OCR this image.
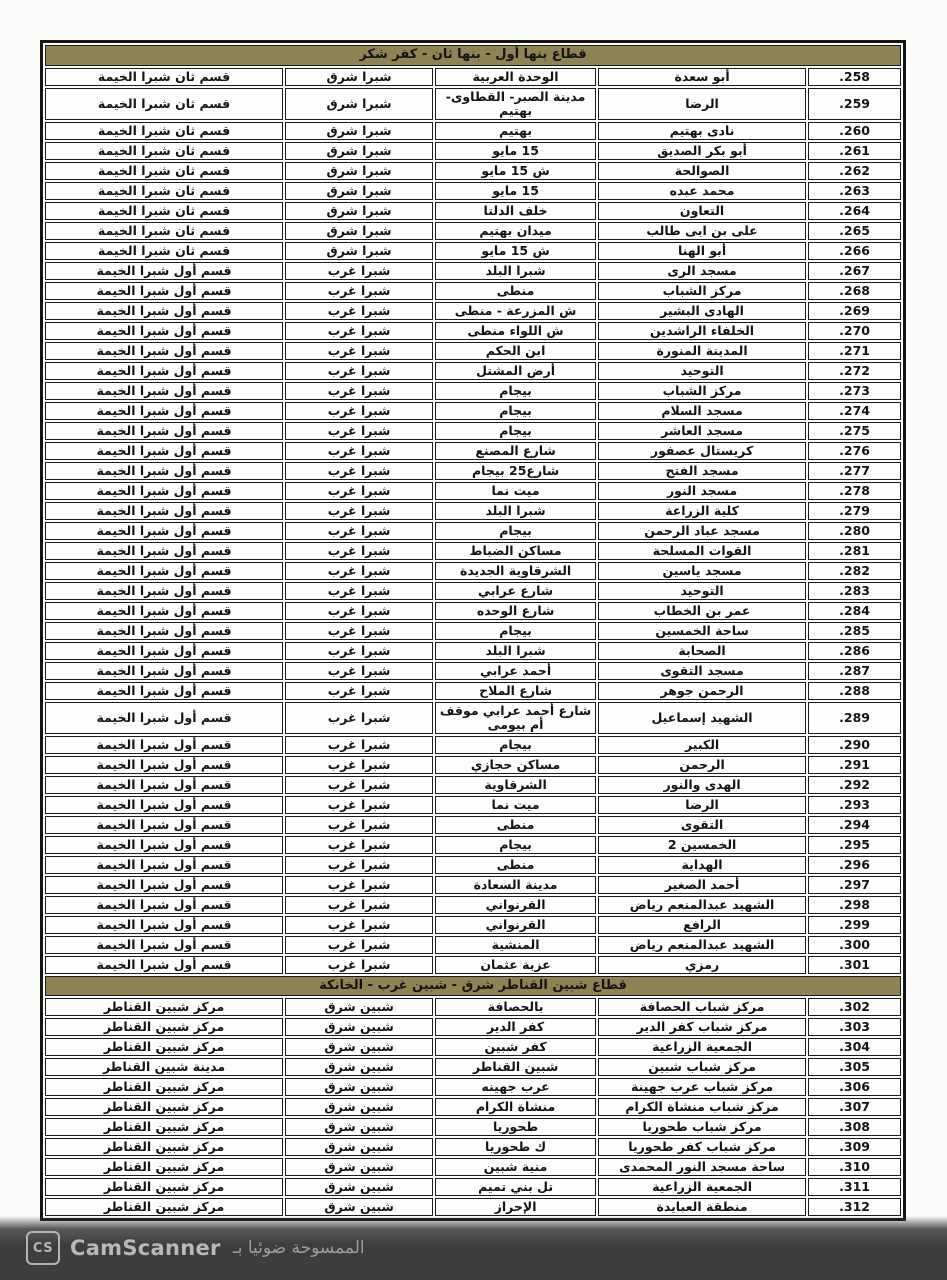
قطاع بنها أول - بنها ثان - كفر شكر				
258.	أبو سعدة	الوحدة العربية	شبرا شرق	قسم ثان شبرا الخيمة
259.	الرضا	مدينة الصبر- القطاوى- بهتيم	شبرا شرق	قسم ثان شبرا الخيمة
260.	نادى بهتيم	بهتيم	شبرا شرق	قسم ثان شبرا الخيمة
261.	أبو بكر الصديق	15 مايو	شبرا شرق	قسم ثان شبرا الخيمة
262.	الصوالحة	ش 15 مايو	شبرا شرق	قسم ثان شبرا الخيمة
263.	محمد عبده	15 مايو	شبرا شرق	قسم ثان شبرا الخيمة
264.	التعاون	خلف الدلتا	شبرا شرق	قسم ثان شبرا الخيمة
265.	على بن ابى طالب	ميدان بهتيم	شبرا شرق	قسم ثان شبرا الخيمة
266.	أبو الهنا	ش 15 مايو	شبرا شرق	قسم ثان شبرا الخيمة
267.	مسجد الرى	شبرا البلد	شبرا غرب	قسم أول شبرا الخيمة
268.	مركز الشباب	منطى	شبرا غرب	قسم أول شبرا الخيمة
269.	الهادى البشير	ش المزرعة - منطى	شبرا غرب	قسم أول شبرا الخيمة
270.	الخلفاء الراشدين	ش اللواء منطى	شبرا غرب	قسم أول شبرا الخيمة
271.	المدينة المنورة	ابن الحكم	شبرا غرب	قسم أول شبرا الخيمة
272.	التوحيد	أرض المشتل	شبرا غرب	قسم أول شبرا الخيمة
273.	مركز الشباب	بيجام	شبرا غرب	قسم أول شبرا الخيمة
274.	مسجد السلام	بيجام	شبرا غرب	قسم أول شبرا الخيمة
275.	مسجد العاشر	بيجام	شبرا غرب	قسم أول شبرا الخيمة
276.	كريستال عصفور	شارع المصنع	شبرا غرب	قسم أول شبرا الخيمة
277.	مسجد الفتح	شارع25 بيجام	شبرا غرب	قسم أول شبرا الخيمة
278.	مسجد النور	ميت نما	شبرا غرب	قسم أول شبرا الخيمة
279.	كلية الزراعة	شبرا البلد	شبرا غرب	قسم أول شبرا الخيمة
280.	مسجد عباد الرحمن	بيجام	شبرا غرب	قسم أول شبرا الخيمة
281.	القوات المسلحة	مساكن الضباط	شبرا غرب	قسم أول شبرا الخيمة
282.	مسجد ياسين	الشرقاوية الجديدة	شبرا غرب	قسم أول شبرا الخيمة
283.	التوحيد	شارع عرابي	شبرا غرب	قسم أول شبرا الخيمة
284.	عمر بن الخطاب	شارع الوحده	شبرا غرب	قسم أول شبرا الخيمة
285.	ساحة الخمسين	بيجام	شبرا غرب	قسم أول شبرا الخيمة
286.	الصحابة	شبرا البلد	شبرا غرب	قسم أول شبرا الخيمة
287.	مسجد التقوى	أحمد عرابي	شبرا غرب	قسم أول شبرا الخيمة
288.	الرحمن جوهر	شارع الملاح	شبرا غرب	قسم أول شبرا الخيمة
289.	الشهيد إسماعيل	شارع أحمد عرابي موقف أم بيومى	شبرا غرب	قسم أول شبرا الخيمة
290.	الكبير	بيجام	شبرا غرب	قسم أول شبرا الخيمة
291.	الرحمن	مساكن حجازي	شبرا غرب	قسم أول شبرا الخيمة
292.	الهدى والنور	الشرقاوية	شبرا غرب	قسم أول شبرا الخيمة
293.	الرضا	ميت نما	شبرا غرب	قسم أول شبرا الخيمة
294.	التقوى	منطى	شبرا غرب	قسم أول شبرا الخيمة
295.	الخمسين 2	بيجام	شبرا غرب	قسم أول شبرا الخيمة
296.	الهداية	منطى	شبرا غرب	قسم أول شبرا الخيمة
297.	أحمد الصغير	مدينة السعادة	شبرا غرب	قسم أول شبرا الخيمة
298.	الشهيد عبدالمنعم رياض	القرنواني	شبرا غرب	قسم أول شبرا الخيمة
299.	الرافع	القرنواني	شبرا غرب	قسم أول شبرا الخيمة
300.	الشهيد عبدالمنعم رياض	المنشية	شبرا غرب	قسم أول شبرا الخيمة
301.	رمزي	عزبة عثمان	شبرا غرب	قسم أول شبرا الخيمة
قطاع شبين القناطر شرق - شبين غرب - الخانكة				
302.	مركز شباب الحصافة	بالحصافة	شبين شرق	مركز شبين القناطر
303.	مركز شباب كفر الدير	كفر الدير	شبين شرق	مركز شبين القناطر
304.	الجمعية الزراعية	كفر شبين	شبين شرق	مركز شبين القناطر
305.	مركز شباب شبين	شبين القناطر	شبين شرق	مدينة شبين القناطر
306.	مركز شباب عرب جهينة	عرب جهينه	شبين شرق	مركز شبين القناطر
307.	مركز شباب منشاة الكرام	منشاة الكرام	شبين شرق	مركز شبين القناطر
308.	مركز شباب طحوريا	طحوريا	شبين شرق	مركز شبين القناطر
309.	مركز شباب كفر طحوريا	ك طحوريا	شبين شرق	مركز شبين القناطر
310.	ساحة مسجد النور المحمدى	منية شبين	شبين شرق	مركز شبين القناطر
311.	الجمعية الزراعية	تل بني تميم	شبين شرق	مركز شبين القناطر
312.	منطقة العبايدة	الإحراز	شبين شرق	مركز شبين القناطر
CS CamScanner الممسوحة ضوئيا بـ
